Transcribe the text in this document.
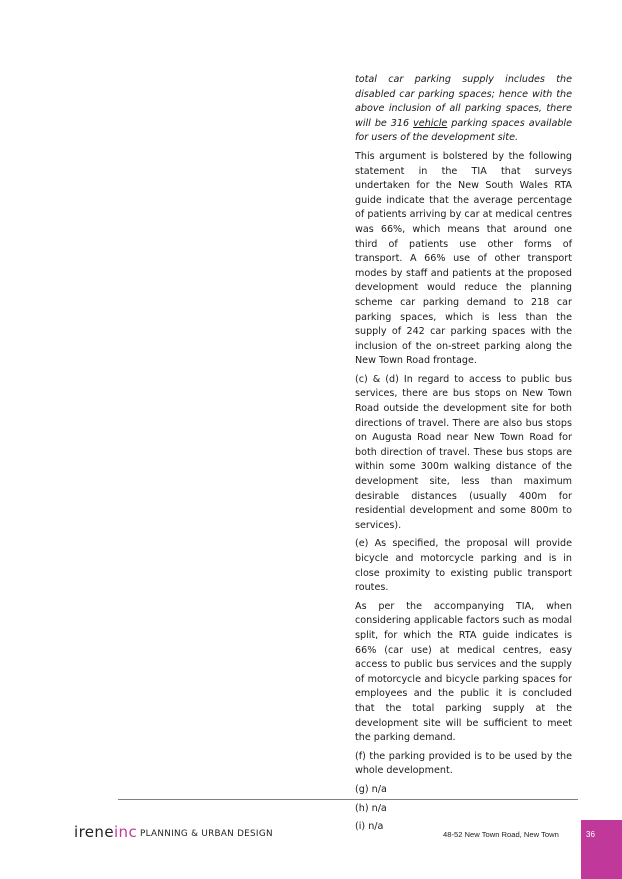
total car parking supply includes the disabled car parking spaces; hence with the above inclusion of all parking spaces, there will be 316 vehicle parking spaces available for users of the development site.

This argument is bolstered by the following statement in the TIA that surveys undertaken for the New South Wales RTA guide indicate that the average percentage of patients arriving by car at medical centres was 66%, which means that around one third of patients use other forms of transport. A 66% use of other transport modes by staff and patients at the proposed development would reduce the planning scheme car parking demand to 218 car parking spaces, which is less than the supply of 242 car parking spaces with the inclusion of the on-street parking along the New Town Road frontage.

(c) & (d) In regard to access to public bus services, there are bus stops on New Town Road outside the development site for both directions of travel. There are also bus stops on Augusta Road near New Town Road for both direction of travel. These bus stops are within some 300m walking distance of the development site, less than maximum desirable distances (usually 400m for residential development and some 800m to services).

(e) As specified, the proposal will provide bicycle and motorcycle parking and is in close proximity to existing public transport routes.

As per the accompanying TIA, when considering applicable factors such as modal split, for which the RTA guide indicates is 66% (car use) at medical centres, easy access to public bus services and the supply of motorcycle and bicycle parking spaces for employees and the public it is concluded that the total parking supply at the development site will be sufficient to meet the parking demand.

(f) the parking provided is to be used by the whole development.

(g) n/a

(h) n/a

(i) n/a

ireneinc PLANNING & URBAN DESIGN	48-52 New Town Road, New Town	36
